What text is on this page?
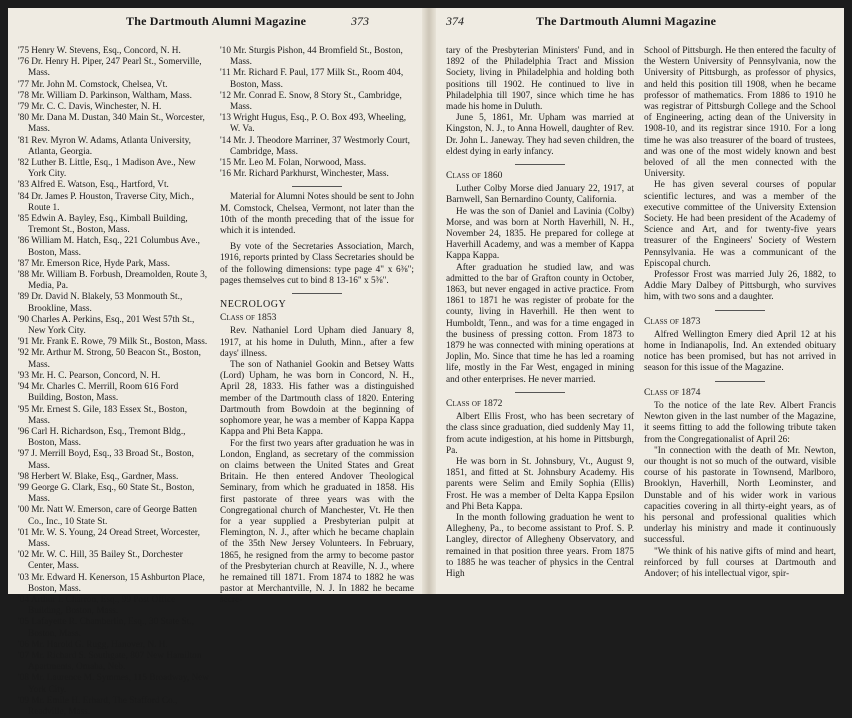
The Dartmouth Alumni Magazine	373

'75 Henry W. Stevens, Esq., Concord, N. H.

'76 Dr. Henry H. Piper, 247 Pearl St., Somerville, Mass.

'77 Mr. John M. Comstock, Chelsea, Vt.

'78 Mr. William D. Parkinson, Waltham, Mass.

'79 Mr. C. C. Davis, Winchester, N. H.

'80 Mr. Dana M. Dustan, 340 Main St., Worcester, Mass.

'81 Rev. Myron W. Adams, Atlanta University, Atlanta, Georgia.

'82 Luther B. Little, Esq., 1 Madison Ave., New York City.

'83 Alfred E. Watson, Esq., Hartford, Vt.

'84 Dr. James P. Houston, Traverse City, Mich., Route 1.

'85 Edwin A. Bayley, Esq., Kimball Building, Tremont St., Boston, Mass.

'86 William M. Hatch, Esq., 221 Columbus Ave., Boston, Mass.

'87 Mr. Emerson Rice, Hyde Park, Mass.

'88 Mr. William B. Forbush, Dreamolden, Route 3, Media, Pa.

'89 Dr. David N. Blakely, 53 Monmouth St., Brookline, Mass.

'90 Charles A. Perkins, Esq., 201 West 57th St., New York City.

'91 Mr. Frank E. Rowe, 79 Milk St., Boston, Mass.

'92 Mr. Arthur M. Strong, 50 Beacon St., Boston, Mass.

'93 Mr. H. C. Pearson, Concord, N. H.

'94 Mr. Charles C. Merrill, Room 616 Ford Building, Boston, Mass.

'95 Mr. Ernest S. Gile, 183 Essex St., Boston, Mass.

'96 Carl H. Richardson, Esq., Tremont Bldg., Boston, Mass.

'97 J. Merrill Boyd, Esq., 33 Broad St., Boston, Mass.

'98 Herbert W. Blake, Esq., Gardner, Mass.

'99 George G. Clark, Esq., 60 State St., Boston, Mass.

'00 Mr. Natt W. Emerson, care of George Batten Co., Inc., 10 State St.

'01 Mr. W. S. Young, 24 Oread Street, Worcester, Mass.

'02 Mr. W. C. Hill, 35 Bailey St., Dorchester Center, Mass.

'03 Mr. Edward H. Kenerson, 15 Ashburton Place, Boston, Mass.

'04 Arthur I. Charron, Esq., 99 Post Office Building, Boston, Mass.

'05 Lafayette R. Chamberlin, Esq., 30 State St., Boston, Mass.

'06 Mr. Harold G. Rugg, Hanover, N. H.

'07 Mr. Richard S. Southgate, 807 New Hamilton Apartments, Omaha, Neb.

'08 Mr. Laurence M. Symmes, 115 Broadway, New York City.

'09 Mr. Emile H. Erhard, The Stafford Co., Readville, Mass.

'10 Mr. Sturgis Pishon, 44 Bromfield St., Boston, Mass.

'11 Mr. Richard F. Paul, 177 Milk St., Room 404, Boston, Mass.

'12 Mr. Conrad E. Snow, 8 Story St., Cambridge, Mass.

'13 Wright Hugus, Esq., P. O. Box 493, Wheeling, W. Va.

'14 Mr. J. Theodore Marriner, 37 Westmorly Court, Cambridge, Mass.

'15 Mr. Leo M. Folan, Norwood, Mass.

'16 Mr. Richard Parkhurst, Winchester, Mass.

Material for Alumni Notes should be sent to John M. Comstock, Chelsea, Vermont, not later than the 10th of the month preceding that of the issue for which it is intended.

By vote of the Secretaries Association, March, 1916, reports printed by Class Secretaries should be of the following dimensions: type page 4" x 6⅜"; pages themselves cut to bind 8 13-16" x 5⅜".

NECROLOGY

Class of 1853

Rev. Nathaniel Lord Upham died January 8, 1917, at his home in Duluth, Minn., after a few days' illness.

The son of Nathaniel Gookin and Betsey Watts (Lord) Upham, he was born in Concord, N. H., April 28, 1833. His father was a distinguished member of the Dartmouth class of 1820. Entering Dartmouth from Bowdoin at the beginning of sophomore year, he was a member of Kappa Kappa Kappa and Phi Beta Kappa.

For the first two years after graduation he was in London, England, as secretary of the commission on claims between the United States and Great Britain. He then entered Andover Theological Seminary, from which he graduated in 1858. His first pastorate of three years was with the Congregational church of Manchester, Vt. He then for a year supplied a Presbyterian pulpit at Flemington, N. J., after which he became chaplain of the 35th New Jersey Volunteers. In February, 1865, he resigned from the army to become pastor of the Presbyterian church at Reaville, N. J., where he remained till 1871. From 1874 to 1882 he was pastor at Merchantville, N. J. In 1882 he became secre-

374	The Dartmouth Alumni Magazine

tary of the Presbyterian Ministers' Fund, and in 1892 of the Philadelphia Tract and Mission Society, living in Philadelphia and holding both positions till 1902. He continued to live in Philadelphia till 1907, since which time he has made his home in Duluth.

June 5, 1861, Mr. Upham was married at Kingston, N. J., to Anna Howell, daughter of Rev. Dr. John L. Janeway. They had seven children, the eldest dying in early infancy.

Class of 1860

Luther Colby Morse died January 22, 1917, at Barnwell, San Bernardino County, California.

He was the son of Daniel and Lavinia (Colby) Morse, and was born at North Haverhill, N. H., November 24, 1835. He prepared for college at Haverhill Academy, and was a member of Kappa Kappa Kappa.

After graduation he studied law, and was admitted to the bar of Grafton county in October, 1863, but never engaged in active practice. From 1861 to 1871 he was register of probate for the county, living in Haverhill. He then went to Humboldt, Tenn., and was for a time engaged in the business of pressing cotton. From 1873 to 1879 he was connected with mining operations at Joplin, Mo. Since that time he has led a roaming life, mostly in the Far West, engaged in mining and other enterprises. He never married.

Class of 1872

Albert Ellis Frost, who has been secretary of the class since graduation, died suddenly May 11, from acute indigestion, at his home in Pittsburgh, Pa.

He was born in St. Johnsbury, Vt., August 9, 1851, and fitted at St. Johnsbury Academy. His parents were Selim and Emily Sophia (Ellis) Frost. He was a member of Delta Kappa Epsilon and Phi Beta Kappa.

In the month following graduation he went to Allegheny, Pa., to become assistant to Prof. S. P. Langley, director of Allegheny Observatory, and remained in that position three years. From 1875 to 1885 he was teacher of physics in the Central High

School of Pittsburgh. He then entered the faculty of the Western University of Pennsylvania, now the University of Pittsburgh, as professor of physics, and held this position till 1908, when he became professor of mathematics. From 1886 to 1910 he was registrar of Pittsburgh College and the School of Engineering, acting dean of the University in 1908-10, and its registrar since 1910. For a long time he was also treasurer of the board of trustees, and was one of the most widely known and best beloved of all the men connected with the University.

He has given several courses of popular scientific lectures, and was a member of the executive committee of the University Extension Society. He had been president of the Academy of Science and Art, and for twenty-five years treasurer of the Engineers' Society of Western Pennsylvania. He was a communicant of the Episcopal church.

Professor Frost was married July 26, 1882, to Addie Mary Dalbey of Pittsburgh, who survives him, with two sons and a daughter.

Class of 1873

Alfred Wellington Emery died April 12 at his home in Indianapolis, Ind. An extended obituary notice has been promised, but has not arrived in season for this issue of the Magazine.

Class of 1874

To the notice of the late Rev. Albert Francis Newton given in the last number of the Magazine, it seems fitting to add the following tribute taken from the Congregationalist of April 26:

"In connection with the death of Mr. Newton, our thought is not so much of the outward, visible course of his pastorate in Townsend, Marlboro, Brooklyn, Haverhill, North Leominster, and Dunstable and of his wider work in various capacities covering in all thirty-eight years, as of his personal and professional qualities which underlay his ministry and made it continuously successful.

"We think of his native gifts of mind and heart, reinforced by full courses at Dartmouth and Andover; of his intellectual vigor, spir-
